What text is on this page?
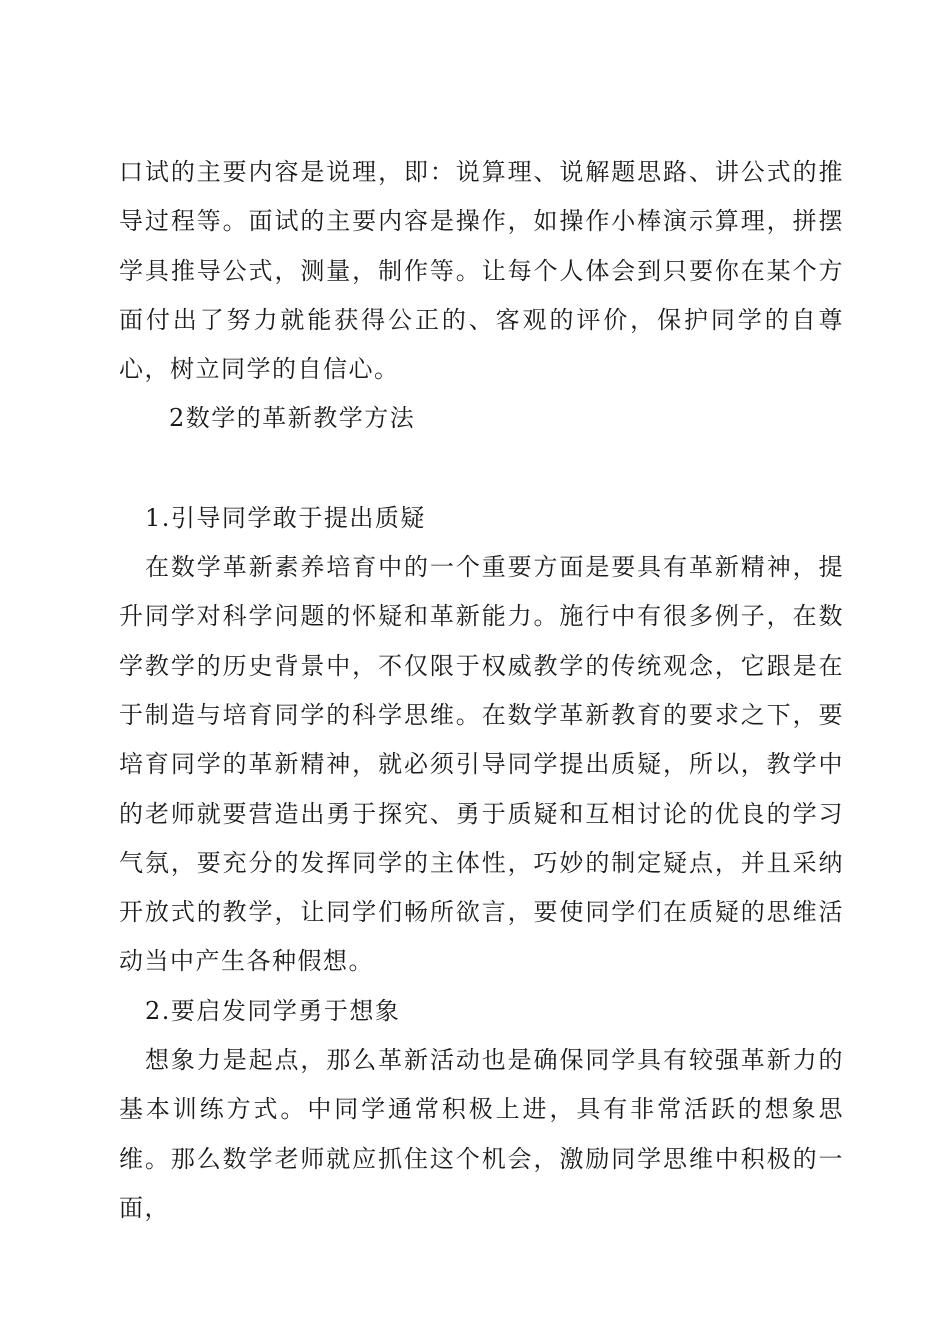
口试的主要内容是说理，即：说算理、说解题思路、讲公式的推导过程等。面试的主要内容是操作，如操作小棒演示算理，拼摆学具推导公式，测量，制作等。让每个人体会到只要你在某个方面付出了努力就能获得公正的、客观的评价，保护同学的自尊心，树立同学的自信心。

2数学的革新教学方法

1.引导同学敢于提出质疑

在数学革新素养培育中的一个重要方面是要具有革新精神，提升同学对科学问题的怀疑和革新能力。施行中有很多例子，在数学教学的历史背景中，不仅限于权威教学的传统观念，它跟是在于制造与培育同学的科学思维。在数学革新教育的要求之下，要培育同学的革新精神，就必须引导同学提出质疑，所以，教学中的老师就要营造出勇于探究、勇于质疑和互相讨论的优良的学习气氛，要充分的发挥同学的主体性，巧妙的制定疑点，并且采纳开放式的教学，让同学们畅所欲言，要使同学们在质疑的思维活动当中产生各种假想。

2.要启发同学勇于想象

想象力是起点，那么革新活动也是确保同学具有较强革新力的基本训练方式。中同学通常积极上进，具有非常活跃的想象思维。那么数学老师就应抓住这个机会，激励同学思维中积极的一面，
